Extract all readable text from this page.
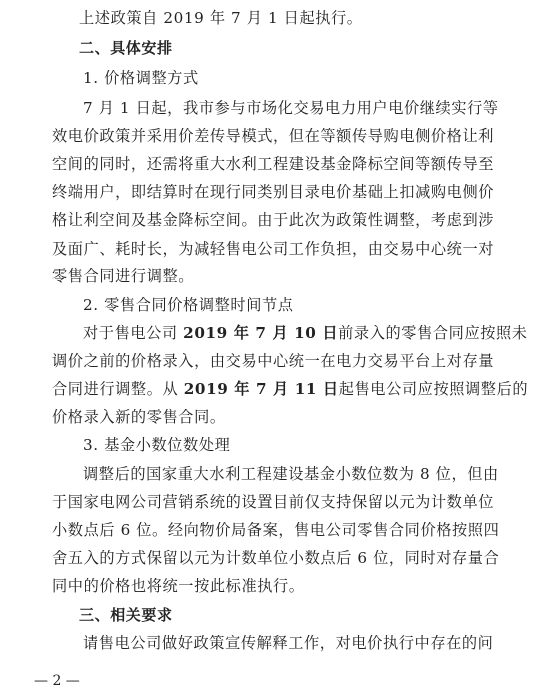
上述政策自 2019 年 7 月 1 日起执行。
二、具体安排
1. 价格调整方式
7 月 1 日起，我市参与市场化交易电力用户电价继续实行等
效电价政策并采用价差传导模式，但在等额传导购电侧价格让利
空间的同时，还需将重大水利工程建设基金降标空间等额传导至
终端用户，即结算时在现行同类别目录电价基础上扣减购电侧价
格让利空间及基金降标空间。由于此次为政策性调整，考虑到涉
及面广、耗时长，为减轻售电公司工作负担，由交易中心统一对
零售合同进行调整。
2. 零售合同价格调整时间节点
对于售电公司 2019 年 7 月 10 日前录入的零售合同应按照未
调价之前的价格录入，由交易中心统一在电力交易平台上对存量
合同进行调整。从 2019 年 7 月 11 日起售电公司应按照调整后的
价格录入新的零售合同。
3. 基金小数位数处理
调整后的国家重大水利工程建设基金小数位数为 8 位，但由
于国家电网公司营销系统的设置目前仅支持保留以元为计数单位
小数点后 6 位。经向物价局备案，售电公司零售合同价格按照四
舍五入的方式保留以元为计数单位小数点后 6 位，同时对存量合
同中的价格也将统一按此标准执行。
三、相关要求
请售电公司做好政策宣传解释工作，对电价执行中存在的问
— 2 —
